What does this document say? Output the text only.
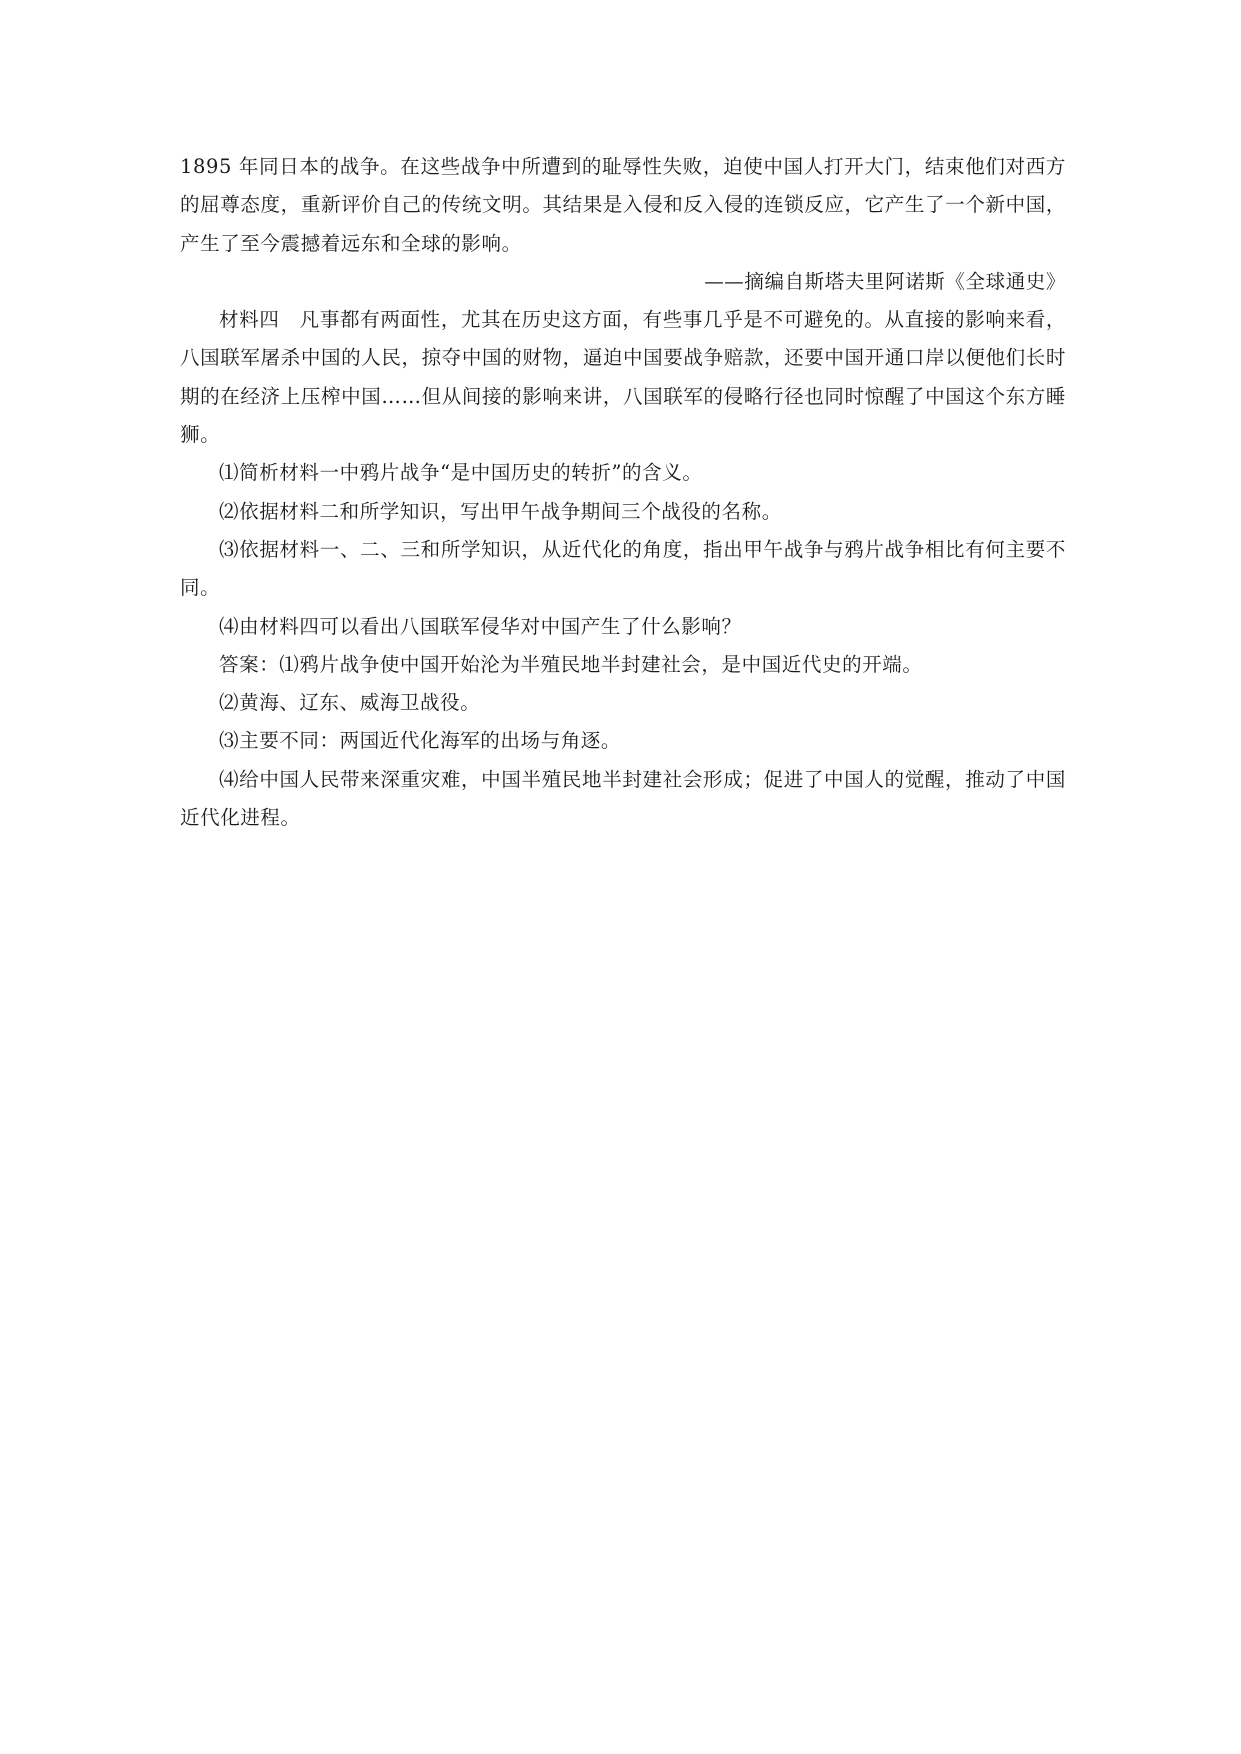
1895 年同日本的战争。在这些战争中所遭到的耻辱性失败，迫使中国人打开大门，结束他们对西方的屈尊态度，重新评价自己的传统文明。其结果是入侵和反入侵的连锁反应，它产生了一个新中国，产生了至今震撼着远东和全球的影响。

——摘编自斯塔夫里阿诺斯《全球通史》

材料四　凡事都有两面性，尤其在历史这方面，有些事几乎是不可避免的。从直接的影响来看，八国联军屠杀中国的人民，掠夺中国的财物，逼迫中国要战争赔款，还要中国开通口岸以便他们长时期的在经济上压榨中国……但从间接的影响来讲，八国联军的侵略行径也同时惊醒了中国这个东方睡狮。

⑴简析材料一中鸦片战争“是中国历史的转折”的含义。

⑵依据材料二和所学知识，写出甲午战争期间三个战役的名称。

⑶依据材料一、二、三和所学知识，从近代化的角度，指出甲午战争与鸦片战争相比有何主要不同。

⑷由材料四可以看出八国联军侵华对中国产生了什么影响？

答案：⑴鸦片战争使中国开始沦为半殖民地半封建社会，是中国近代史的开端。

⑵黄海、辽东、威海卫战役。

⑶主要不同：两国近代化海军的出场与角逐。

⑷给中国人民带来深重灾难，中国半殖民地半封建社会形成；促进了中国人的觉醒，推动了中国近代化进程。
